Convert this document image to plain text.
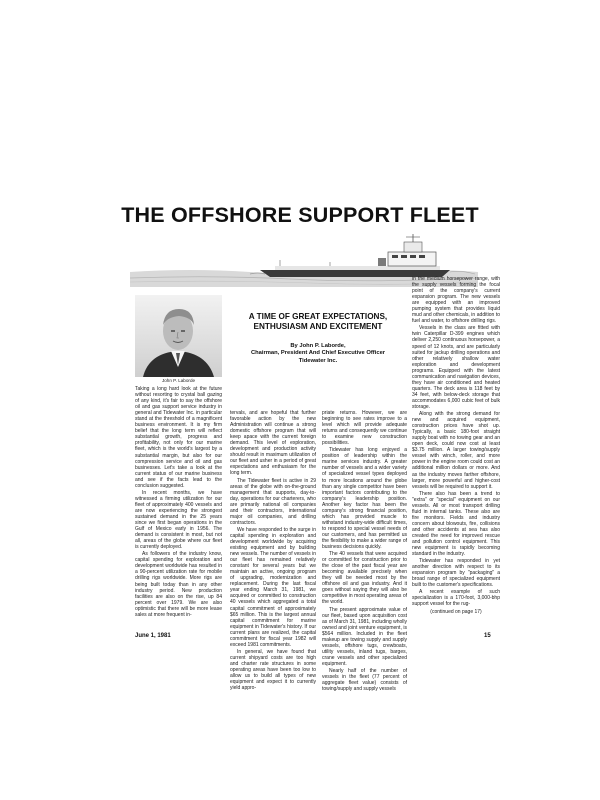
THE OFFSHORE SUPPORT FLEET
John P. Laborde
A TIME OF GREAT EXPECTATIONS,
ENTHUSIASM AND EXCITEMENT
By John P. Laborde,
Chairman, President And Chief Executive Officer
Tidewater Inc.

Taking a long hard look at the future without resorting to crystal ball gazing of any kind, it's fair to say the offshore oil and gas support service industry in general and Tidewater Inc. in particular stand at the threshold of a magnificent business environment. It is my firm belief that the long term will reflect substantial growth, progress and profitability, not only for our marine fleet, which is the world's largest by a substantial margin, but also for our compression service and oil and gas businesses. Let's take a look at the current status of our marine business and see if the facts lead to the conclusion suggested.

In recent months, we have witnessed a firming utilization for our fleet of approximately 400 vessels and are now experiencing the strongest sustained demand in the 25 years since we first began operations in the Gulf of Mexico early in 1956. The demand is consistent in most, but not all, areas of the globe where our fleet is currently deployed.

As followers of the industry know, capital spending for exploration and development worldwide has resulted in a 90-percent utilization rate for mobile drilling rigs worldwide. More rigs are being built today than in any other industry period. New production facilities are also on the rise, up 84 percent over 1979. We are also optimistic that there will be more lease sales at more frequent in-

tervals, and are hopeful that further favorable action by the new Administration will continue a strong domestic offshore program that will keep apace with the current foreign demand. This level of exploration, development and production activity should result in maximum utilization of our fleet and usher in a period of great expectations and enthusiasm for the long term.

The Tidewater fleet is active in 29 areas of the globe with on-the-ground management that supports, day-to-day, operations for our charterers, who are primarily national oil companies and their contractors, international major oil companies, and drilling contractors.

We have responded to the surge in capital spending in exploration and development worldwide by acquiring existing equipment and by building new vessels. The number of vessels in our fleet has remained relatively constant for several years but we maintain an active, ongoing program of upgrading, modernization and replacement. During the last fiscal year ending March 31, 1981, we acquired or committed to construction 40 vessels which aggregated a total capital commitment of approximately $65 million. This is the largest annual capital commitment for marine equipment in Tidewater's history. If our current plans are realized, the capital commitment for fiscal year 1982 will exceed 1981 commitments.

In general, we have found that current shipyard costs are too high and charter rate structures in some operating areas have been too low to allow us to build all types of new equipment and expect it to currently yield appro-

priate returns. However, we are beginning to see rates improve to a level which will provide adequate returns and consequently we continue to examine new construction possibilities.

Tidewater has long enjoyed a position of leadership within the marine services industry. A greater number of vessels and a wider variety of specialized vessel types deployed to more locations around the globe than any single competitor have been important factors contributing to the company's leadership position. Another key factor has been the company's strong financial position, which has provided muscle to withstand industry-wide difficult times, to respond to special vessel needs of our customers, and has permitted us the flexibility to make a wider range of business decisions quickly.

The 40 vessels that were acquired or committed for construction prior to the close of the past fiscal year are becoming available precisely when they will be needed most by the offshore oil and gas industry. And it goes without saying they will also be competitive in most operating areas of the world.

The present approximate value of our fleet, based upon acquisition cost as of March 31, 1981, including wholly owned and joint venture equipment, is $564 million. Included in the fleet makeup are towing supply and supply vessels, offshore tugs, crewboats, utility vessels, inland tugs, barges, crane vessels and other specialized equipment.

Nearly half of the number of vessels in the fleet (77 percent of aggregate fleet value) consists of towing/supply and supply vessels

in the medium horsepower range, with the supply vessels forming the focal point of the company's current expansion program. The new vessels are equipped with an improved pumping system that provides liquid mud and other chemicals, in addition to fuel and water, to offshore drilling rigs.

Vessels in the class are fitted with twin Caterpillar D-399 engines which deliver 2,250 continuous horsepower, a speed of 12 knots, and are particularly suited for jackup drilling operations and other relatively shallow water exploration and development programs. Equipped with the latest communication and navigation devices, they have air conditioned and heated quarters. The deck area is 118 feet by 34 feet, with below-deck storage that accommodates 6,000 cubic feet of bulk storage.

Along with the strong demand for new and acquired equipment, construction prices have shot up. Typically, a basic 180-foot straight supply boat with no towing gear and an open deck, could now cost at least $3.75 million. A larger towing/supply vessel with winch, roller, and more power in the engine room could cost an additional million dollars or more. And as the industry moves farther offshore, larger, more powerful and higher-cost vessels will be required to support it.

There also has been a trend to "extra" or "special" equipment on our vessels. All or most transport drilling fluid in internal tanks. These also are fire monitors. Fields and industry concern about blowouts, fire, collisions and other accidents at sea has also created the need for improved rescue and pollution control equipment. This new equipment is rapidly becoming standard in the industry.

Tidewater has responded in yet another direction with respect to its expansion program by "packaging" a broad range of specialized equipment built to the customer's specifications.

A recent example of such specialization is a 170-foot, 3,000-bhp support vessel for the rug-

(continued on page 17)

June 1, 1981	15
